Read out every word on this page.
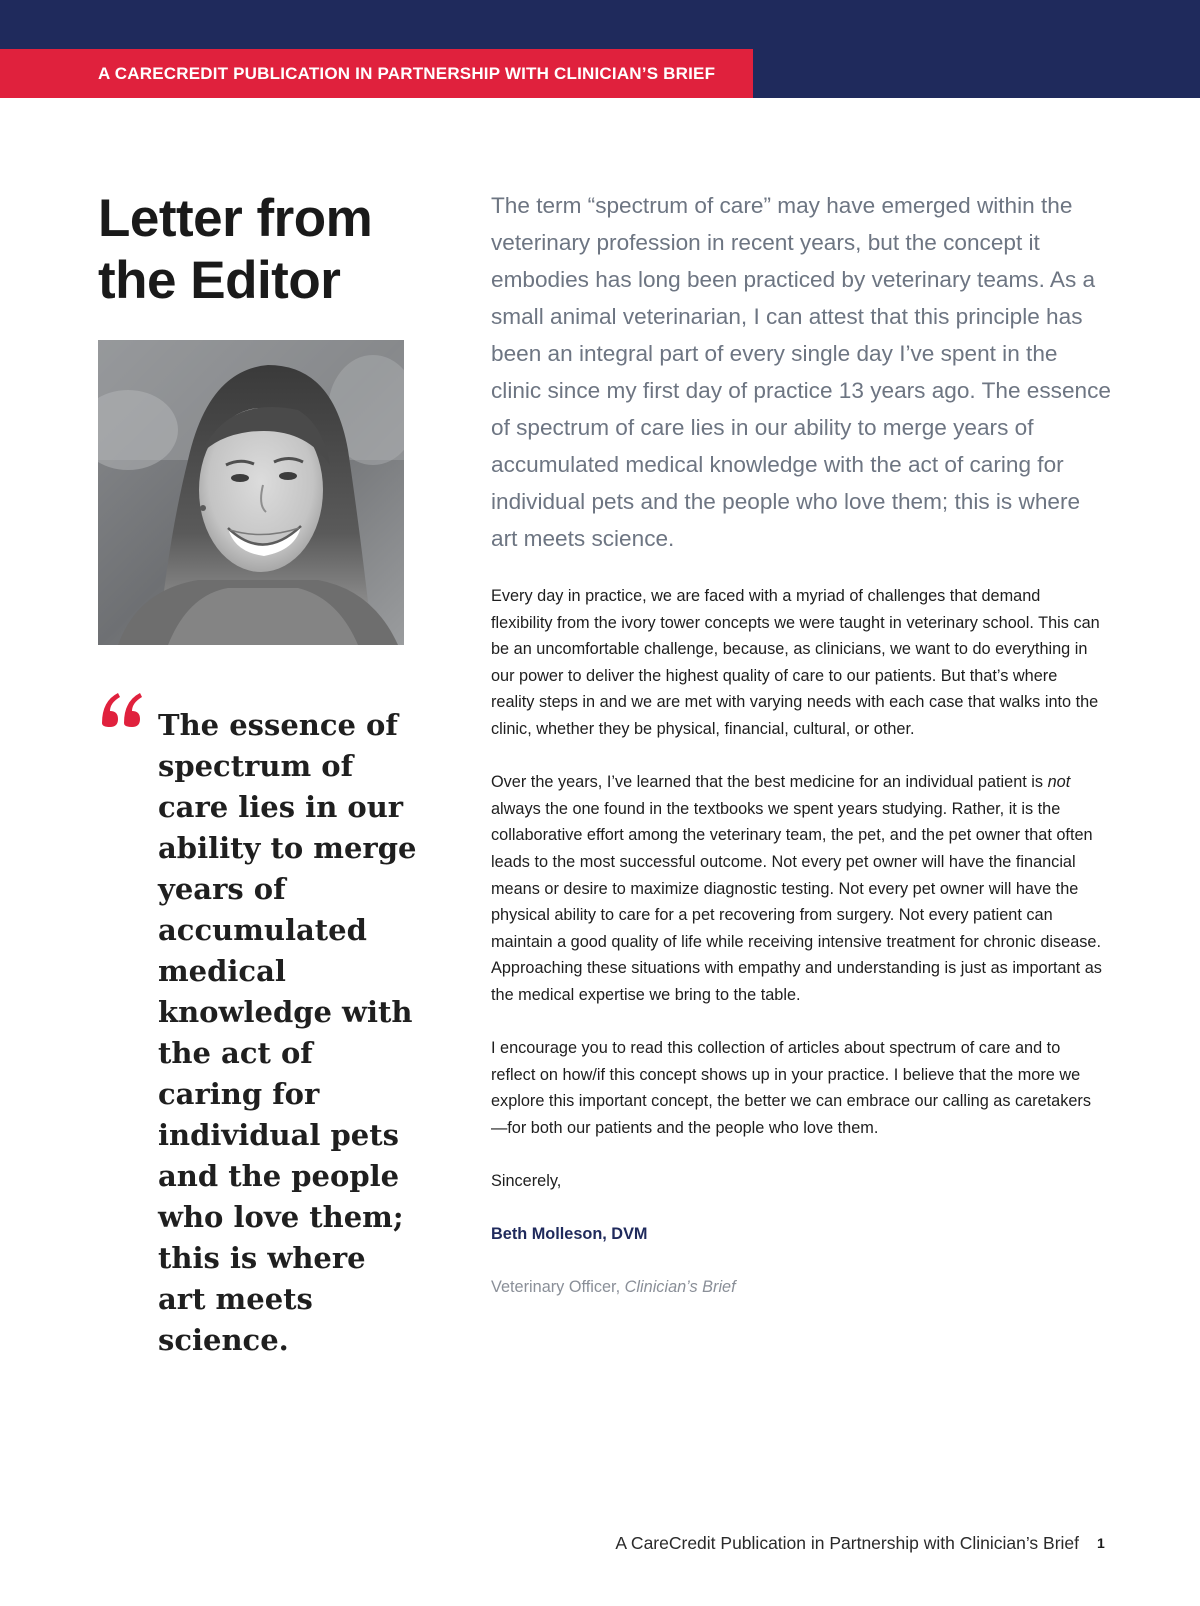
A CARECREDIT PUBLICATION IN PARTNERSHIP WITH CLINICIAN’S BRIEF
Letter from
the Editor

The essence of spectrum of care lies in our ability to merge years of accumulated medical knowledge with the act of caring for individual pets and the people who love them; this is where art meets science.

The term “spectrum of care” may have emerged within the veterinary profession in recent years, but the concept it embodies has long been practiced by veterinary teams. As a small animal veterinarian, I can attest that this principle has been an integral part of every single day I’ve spent in the clinic since my first day of practice 13 years ago. The essence of spectrum of care lies in our ability to merge years of accumulated medical knowledge with the act of caring for individual pets and the people who love them; this is where art meets science.

Every day in practice, we are faced with a myriad of challenges that demand flexibility from the ivory tower concepts we were taught in veterinary school. This can be an uncomfortable challenge, because, as clinicians, we want to do everything in our power to deliver the highest quality of care to our patients. But that’s where reality steps in and we are met with varying needs with each case that walks into the clinic, whether they be physical, financial, cultural, or other.

Over the years, I’ve learned that the best medicine for an individual patient is not always the one found in the textbooks we spent years studying. Rather, it is the collaborative effort among the veterinary team, the pet, and the pet owner that often leads to the most successful outcome. Not every pet owner will have the financial means or desire to maximize diagnostic testing. Not every pet owner will have the physical ability to care for a pet recovering from surgery. Not every patient can maintain a good quality of life while receiving intensive treatment for chronic disease. Approaching these situations with empathy and understanding is just as important as the medical expertise we bring to the table.

I encourage you to read this collection of articles about spectrum of care and to reflect on how/if this concept shows up in your practice. I believe that the more we explore this important concept, the better we can embrace our calling as caretakers—for both our patients and the people who love them.

Sincerely,

Beth Molleson, DVM

Veterinary Officer, Clinician’s Brief

A CareCredit Publication in Partnership with Clinician’s Brief 1
